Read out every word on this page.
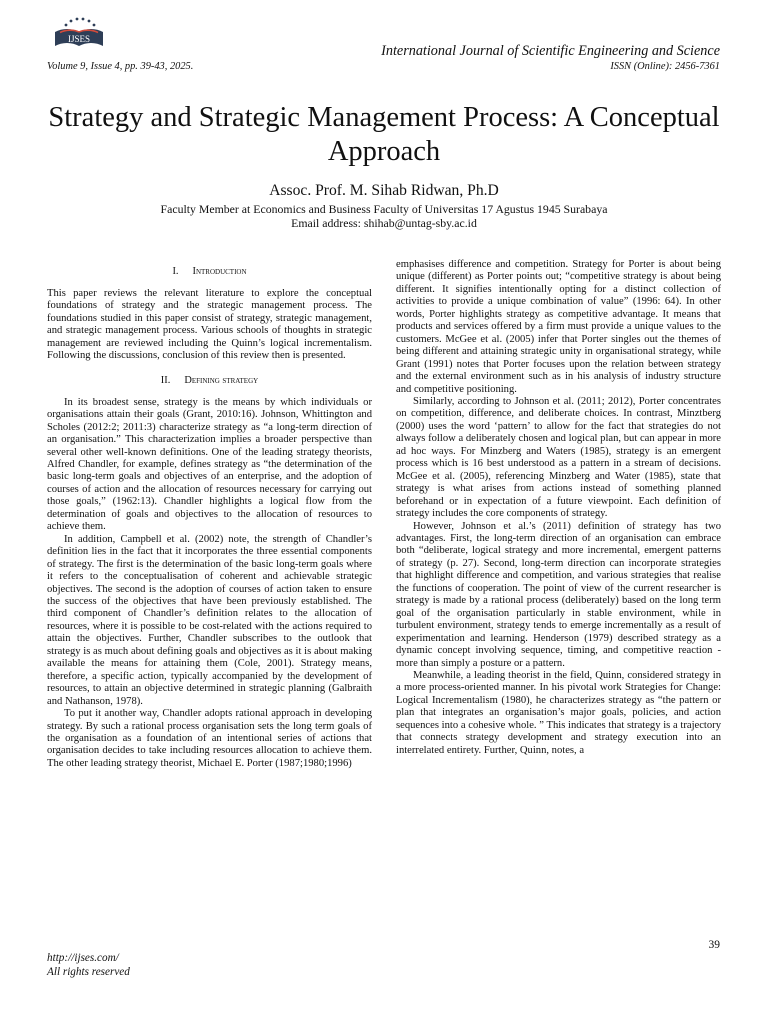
IJSES
Volume 9, Issue 4, pp. 39-43, 2025.
International Journal of Scientific Engineering and Science
ISSN (Online): 2456-7361
Strategy and Strategic Management Process: A Conceptual Approach
Assoc. Prof. M. Sihab Ridwan, Ph.D
Faculty Member at Economics and Business Faculty of Universitas 17 Agustus 1945 Surabaya
Email address: shihab@untag-sby.ac.id
I. Introduction

This paper reviews the relevant literature to explore the conceptual foundations of strategy and the strategic management process. The foundations studied in this paper consist of strategy, strategic management, and strategic management process. Various schools of thoughts in strategic management are reviewed including the Quinn’s logical incrementalism. Following the discussions, conclusion of this review then is presented.

II. Defining strategy

In its broadest sense, strategy is the means by which individuals or organisations attain their goals (Grant, 2010:16). Johnson, Whittington and Scholes (2012:2; 2011:3) characterize strategy as “a long-term direction of an organisation.” This characterization implies a broader perspective than several other well-known definitions. One of the leading strategy theorists, Alfred Chandler, for example, defines strategy as “the determination of the basic long-term goals and objectives of an enterprise, and the adoption of courses of action and the allocation of resources necessary for carrying out those goals,” (1962:13). Chandler highlights a logical flow from the determination of goals and objectives to the allocation of resources to achieve them.

In addition, Campbell et al. (2002) note, the strength of Chandler’s definition lies in the fact that it incorporates the three essential components of strategy. The first is the determination of the basic long-term goals where it refers to the conceptualisation of coherent and achievable strategic objectives. The second is the adoption of courses of action taken to ensure the success of the objectives that have been previously established. The third component of Chandler’s definition relates to the allocation of resources, where it is possible to be cost-related with the actions required to attain the objectives. Further, Chandler subscribes to the outlook that strategy is as much about defining goals and objectives as it is about making available the means for attaining them (Cole, 2001). Strategy means, therefore, a specific action, typically accompanied by the development of resources, to attain an objective determined in strategic planning (Galbraith and Nathanson, 1978).

To put it another way, Chandler adopts rational approach in developing strategy. By such a rational process organisation sets the long term goals of the organisation as a foundation of an intentional series of actions that organisation decides to take including resources allocation to achieve them. The other leading strategy theorist, Michael E. Porter (1987;1980;1996)

emphasises difference and competition. Strategy for Porter is about being unique (different) as Porter points out; “competitive strategy is about being different. It signifies intentionally opting for a distinct collection of activities to provide a unique combination of value” (1996: 64). In other words, Porter highlights strategy as competitive advantage. It means that products and services offered by a firm must provide a unique values to the customers. McGee et al. (2005) infer that Porter singles out the themes of being different and attaining strategic unity in organisational strategy, while Grant (1991) notes that Porter focuses upon the relation between strategy and the external environment such as in his analysis of industry structure and competitive positioning.

Similarly, according to Johnson et al. (2011; 2012), Porter concentrates on competition, difference, and deliberate choices. In contrast, Minztberg (2000) uses the word ‘pattern’ to allow for the fact that strategies do not always follow a deliberately chosen and logical plan, but can appear in more ad hoc ways. For Minzberg and Waters (1985), strategy is an emergent process which is 16 best understood as a pattern in a stream of decisions. McGee et al. (2005), referencing Minzberg and Water (1985), state that strategy is what arises from actions instead of something planned beforehand or in expectation of a future viewpoint. Each definition of strategy includes the core components of strategy.

However, Johnson et al.’s (2011) definition of strategy has two advantages. First, the long-term direction of an organisation can embrace both “deliberate, logical strategy and more incremental, emergent patterns of strategy (p. 27). Second, long-term direction can incorporate strategies that highlight difference and competition, and various strategies that realise the functions of cooperation. The point of view of the current researcher is strategy is made by a rational process (deliberately) based on the long term goal of the organisation particularly in stable environment, while in turbulent environment, strategy tends to emerge incrementally as a result of experimentation and learning. Henderson (1979) described strategy as a dynamic concept involving sequence, timing, and competitive reaction - more than simply a posture or a pattern.

Meanwhile, a leading theorist in the field, Quinn, considered strategy in a more process-oriented manner. In his pivotal work Strategies for Change: Logical Incrementalism (1980), he characterizes strategy as “the pattern or plan that integrates an organisation’s major goals, policies, and action sequences into a cohesive whole. ” This indicates that strategy is a trajectory that connects strategy development and strategy execution into an interrelated entirety. Further, Quinn, notes, a

39
http://ijses.com/
All rights reserved
